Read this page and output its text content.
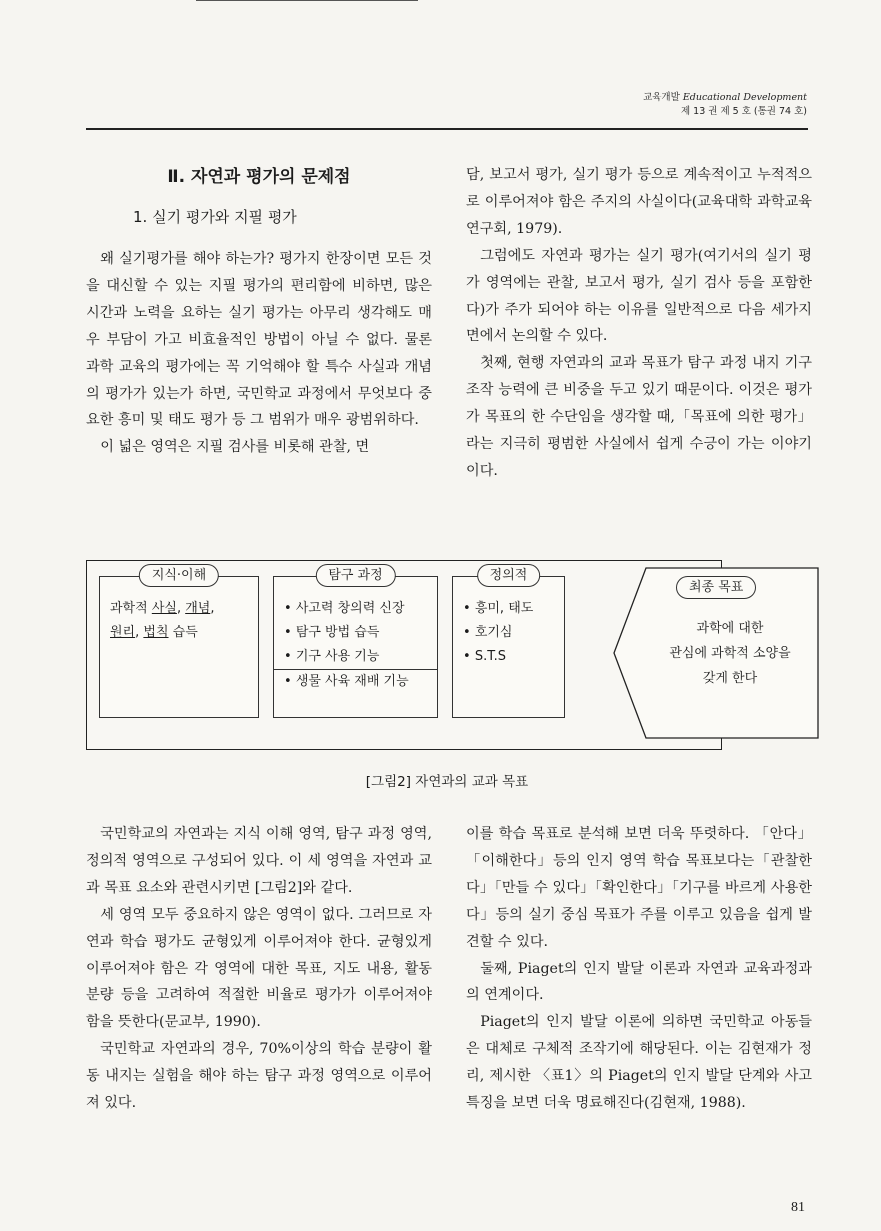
교육개발 Educational Development
제 13 권 제 5 호 (통권 74 호)
Ⅱ. 자연과 평가의 문제점
1. 실기 평가와 지필 평가

왜 실기평가를 해야 하는가? 평가지 한장이면 모든 것을 대신할 수 있는 지필 평가의 편리함에 비하면, 많은 시간과 노력을 요하는 실기 평가는 아무리 생각해도 매우 부담이 가고 비효율적인 방법이 아닐 수 없다. 물론 과학 교육의 평가에는 꼭 기억해야 할 특수 사실과 개념의 평가가 있는가 하면, 국민학교 과정에서 무엇보다 중요한 흥미 및 태도 평가 등 그 범위가 매우 광범위하다.

이 넓은 영역은 지필 검사를 비롯해 관찰, 면

담, 보고서 평가, 실기 평가 등으로 계속적이고 누적적으로 이루어져야 함은 주지의 사실이다(교육대학 과학교육연구회, 1979).

그럼에도 자연과 평가는 실기 평가(여기서의 실기 평가 영역에는 관찰, 보고서 평가, 실기 검사 등을 포함한다)가 주가 되어야 하는 이유를 일반적으로 다음 세가지 면에서 논의할 수 있다.

첫째, 현행 자연과의 교과 목표가 탐구 과정 내지 기구 조작 능력에 큰 비중을 두고 있기 때문이다. 이것은 평가가 목표의 한 수단임을 생각할 때,「목표에 의한 평가」라는 지극히 평범한 사실에서 쉽게 수긍이 가는 이야기이다.

지식·이해
과학적 사실, 개념,
원리, 법칙 습득
탐구 과정
• 사고력 창의력 신장
• 탐구 방법 습득
• 기구 사용 기능
• 생물 사육 재배 기능
정의적
• 흥미, 태도
• 호기심
• S.T.S
최종 목표
과학에 대한
관심에 과학적 소양을
갖게 한다
[그림2] 자연과의 교과 목표

국민학교의 자연과는 지식 이해 영역, 탐구 과정 영역, 정의적 영역으로 구성되어 있다. 이 세 영역을 자연과 교과 목표 요소와 관련시키면 [그림2]와 같다.

세 영역 모두 중요하지 않은 영역이 없다. 그러므로 자연과 학습 평가도 균형있게 이루어져야 한다. 균형있게 이루어져야 함은 각 영역에 대한 목표, 지도 내용, 활동 분량 등을 고려하여 적절한 비율로 평가가 이루어져야 함을 뜻한다(문교부, 1990).

국민학교 자연과의 경우, 70%이상의 학습 분량이 활동 내지는 실험을 해야 하는 탐구 과정 영역으로 이루어져 있다.

이를 학습 목표로 분석해 보면 더욱 뚜렷하다. 「안다」「이해한다」등의 인지 영역 학습 목표보다는「관찰한다」「만들 수 있다」「확인한다」「기구를 바르게 사용한다」등의 실기 중심 목표가 주를 이루고 있음을 쉽게 발견할 수 있다.

둘째, Piaget의 인지 발달 이론과 자연과 교육과정과의 연계이다.

Piaget의 인지 발달 이론에 의하면 국민학교 아동들은 대체로 구체적 조작기에 해당된다. 이는 김현재가 정리, 제시한 〈표1〉의 Piaget의 인지 발달 단계와 사고 특징을 보면 더욱 명료해진다(김현재, 1988).

81
